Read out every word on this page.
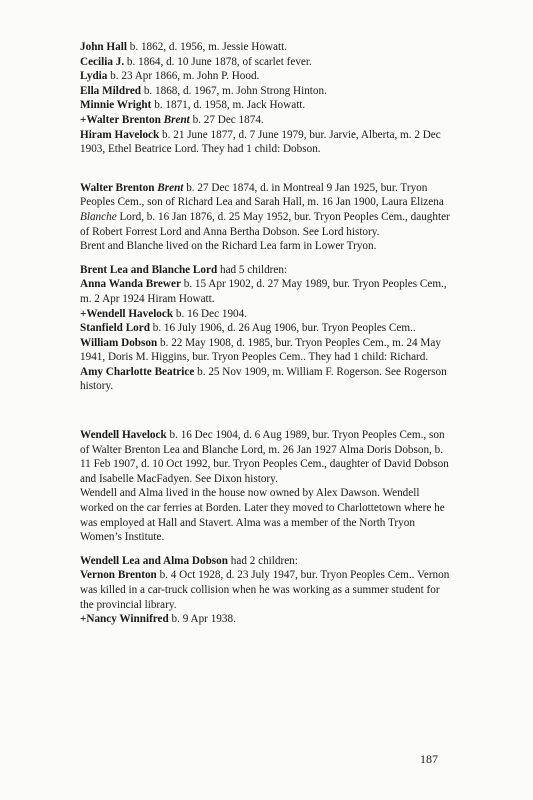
John Hall b. 1862, d. 1956, m. Jessie Howatt.

Cecilia J. b. 1864, d. 10 June 1878, of scarlet fever.

Lydia b. 23 Apr 1866, m. John P. Hood.

Ella Mildred b. 1868, d. 1967, m. John Strong Hinton.

Minnie Wright b. 1871, d. 1958, m. Jack Howatt.

+Walter Brenton Brent b. 27 Dec 1874.

Hiram Havelock b. 21 June 1877, d. 7 June 1979, bur. Jarvie, Alberta, m. 2 Dec 1903, Ethel Beatrice Lord. They had 1 child: Dobson.

Walter Brenton Brent b. 27 Dec 1874, d. in Montreal 9 Jan 1925, bur. Tryon Peoples Cem., son of Richard Lea and Sarah Hall, m. 16 Jan 1900, Laura Elizena Blanche Lord, b. 16 Jan 1876, d. 25 May 1952, bur. Tryon Peoples Cem., daughter of Robert Forrest Lord and Anna Bertha Dobson. See Lord history.

Brent and Blanche lived on the Richard Lea farm in Lower Tryon.

Brent Lea and Blanche Lord had 5 children:

Anna Wanda Brewer b. 15 Apr 1902, d. 27 May 1989, bur. Tryon Peoples Cem., m. 2 Apr 1924 Hiram Howatt.

+Wendell Havelock b. 16 Dec 1904.

Stanfield Lord b. 16 July 1906, d. 26 Aug 1906, bur. Tryon Peoples Cem..

William Dobson b. 22 May 1908, d. 1985, bur. Tryon Peoples Cem., m. 24 May 1941, Doris M. Higgins, bur. Tryon Peoples Cem.. They had 1 child: Richard.

Amy Charlotte Beatrice b. 25 Nov 1909, m. William F. Rogerson. See Rogerson history.

Wendell Havelock b. 16 Dec 1904, d. 6 Aug 1989, bur. Tryon Peoples Cem., son of Walter Brenton Lea and Blanche Lord, m. 26 Jan 1927 Alma Doris Dobson, b. 11 Feb 1907, d. 10 Oct 1992, bur. Tryon Peoples Cem., daughter of David Dobson and Isabelle MacFadyen. See Dixon history.

Wendell and Alma lived in the house now owned by Alex Dawson. Wendell worked on the car ferries at Borden. Later they moved to Charlottetown where he was employed at Hall and Stavert. Alma was a member of the North Tryon Women’s Institute.

Wendell Lea and Alma Dobson had 2 children:

Vernon Brenton b. 4 Oct 1928, d. 23 July 1947, bur. Tryon Peoples Cem.. Vernon was killed in a car-truck collision when he was working as a summer student for the provincial library.

+Nancy Winnifred b. 9 Apr 1938.

187
